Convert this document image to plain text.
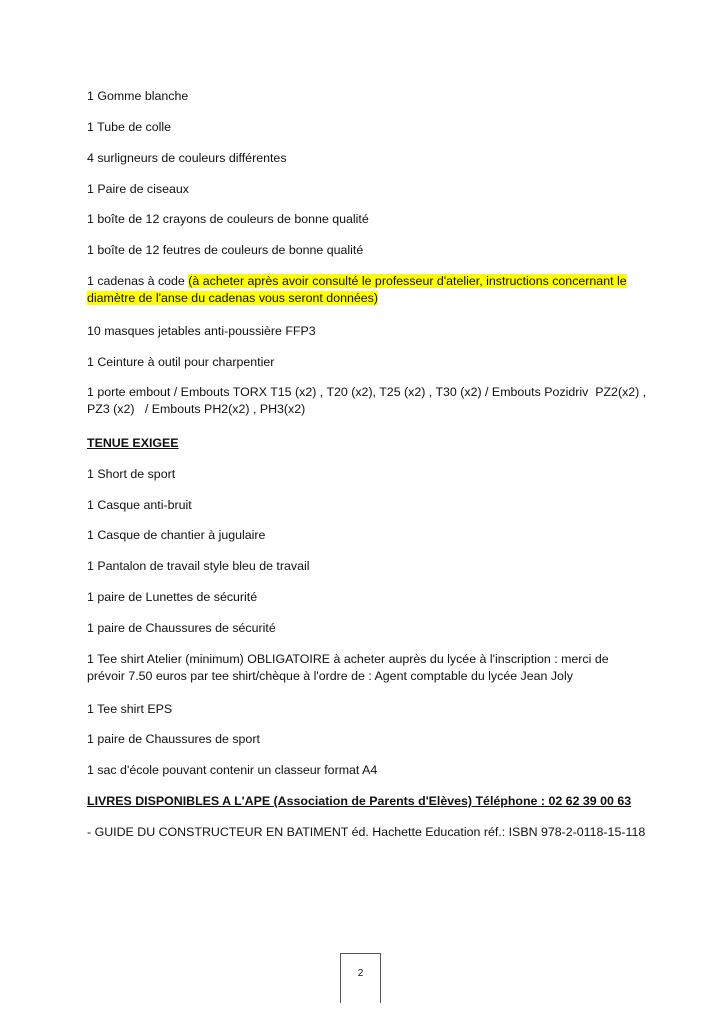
1 Gomme blanche
1 Tube de colle
4 surligneurs de couleurs différentes
1 Paire de ciseaux
1 boîte de 12 crayons de couleurs de bonne qualité
1 boîte de 12 feutres de couleurs de bonne qualité
1 cadenas à code (à acheter après avoir consulté le professeur d'atelier, instructions concernant le diamètre de l'anse du cadenas vous seront données)
10 masques jetables anti-poussière FFP3
1 Ceinture à outil pour charpentier
1 porte embout / Embouts TORX T15 (x2) , T20 (x2), T25 (x2) , T30 (x2) / Embouts Pozidriv  PZ2(x2) , PZ3 (x2)   / Embouts PH2(x2) , PH3(x2)
TENUE EXIGEE
1 Short de sport
1 Casque anti-bruit
1 Casque de chantier à jugulaire
1 Pantalon de travail style bleu de travail
1 paire de Lunettes de sécurité
1 paire de Chaussures de sécurité
1 Tee shirt Atelier (minimum) OBLIGATOIRE à acheter auprès du lycée à l'inscription : merci de prévoir 7.50 euros par tee shirt/chèque à l'ordre de : Agent comptable du lycée Jean Joly
1 Tee shirt EPS
1 paire de Chaussures de sport
1 sac d'école pouvant contenir un classeur format A4
LIVRES DISPONIBLES A L'APE (Association de Parents d'Elèves) Téléphone : 02 62 39 00 63
- GUIDE DU CONSTRUCTEUR EN BATIMENT éd. Hachette Education réf.: ISBN 978-2-0118-15-118
2
